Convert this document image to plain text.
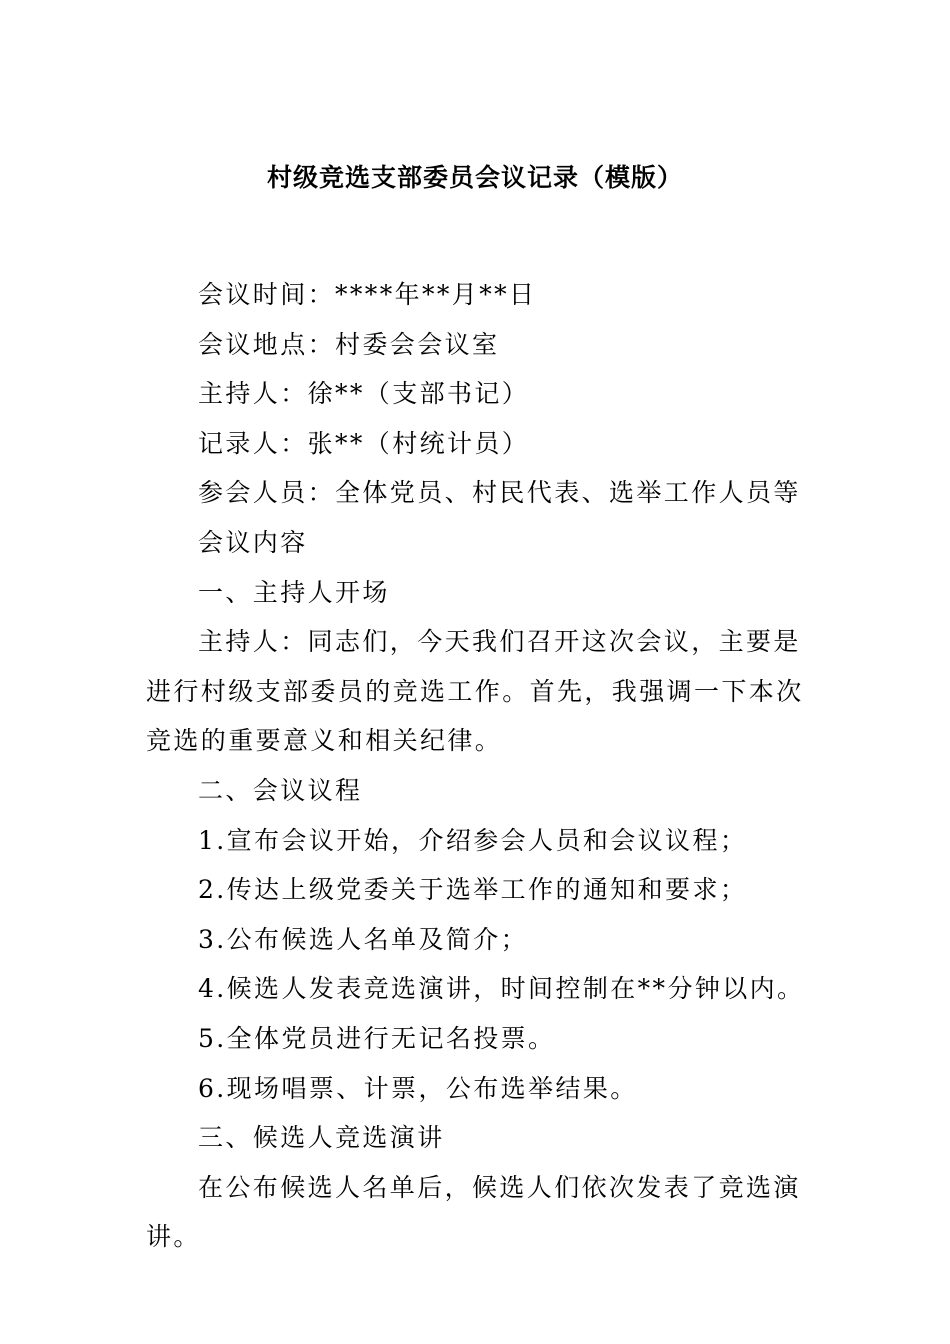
村级竞选支部委员会议记录（模版）

会议时间：****年**月**日

会议地点：村委会会议室

主持人：徐**（支部书记）

记录人：张**（村统计员）

参会人员：全体党员、村民代表、选举工作人员等

会议内容

一、主持人开场

主持人：同志们，今天我们召开这次会议，主要是进行村级支部委员的竞选工作。首先，我强调一下本次竞选的重要意义和相关纪律。

二、会议议程

1.宣布会议开始，介绍参会人员和会议议程；

2.传达上级党委关于选举工作的通知和要求；

3.公布候选人名单及简介；

4.候选人发表竞选演讲，时间控制在**分钟以内。

5.全体党员进行无记名投票。

6.现场唱票、计票，公布选举结果。

三、候选人竞选演讲

在公布候选人名单后，候选人们依次发表了竞选演讲。
